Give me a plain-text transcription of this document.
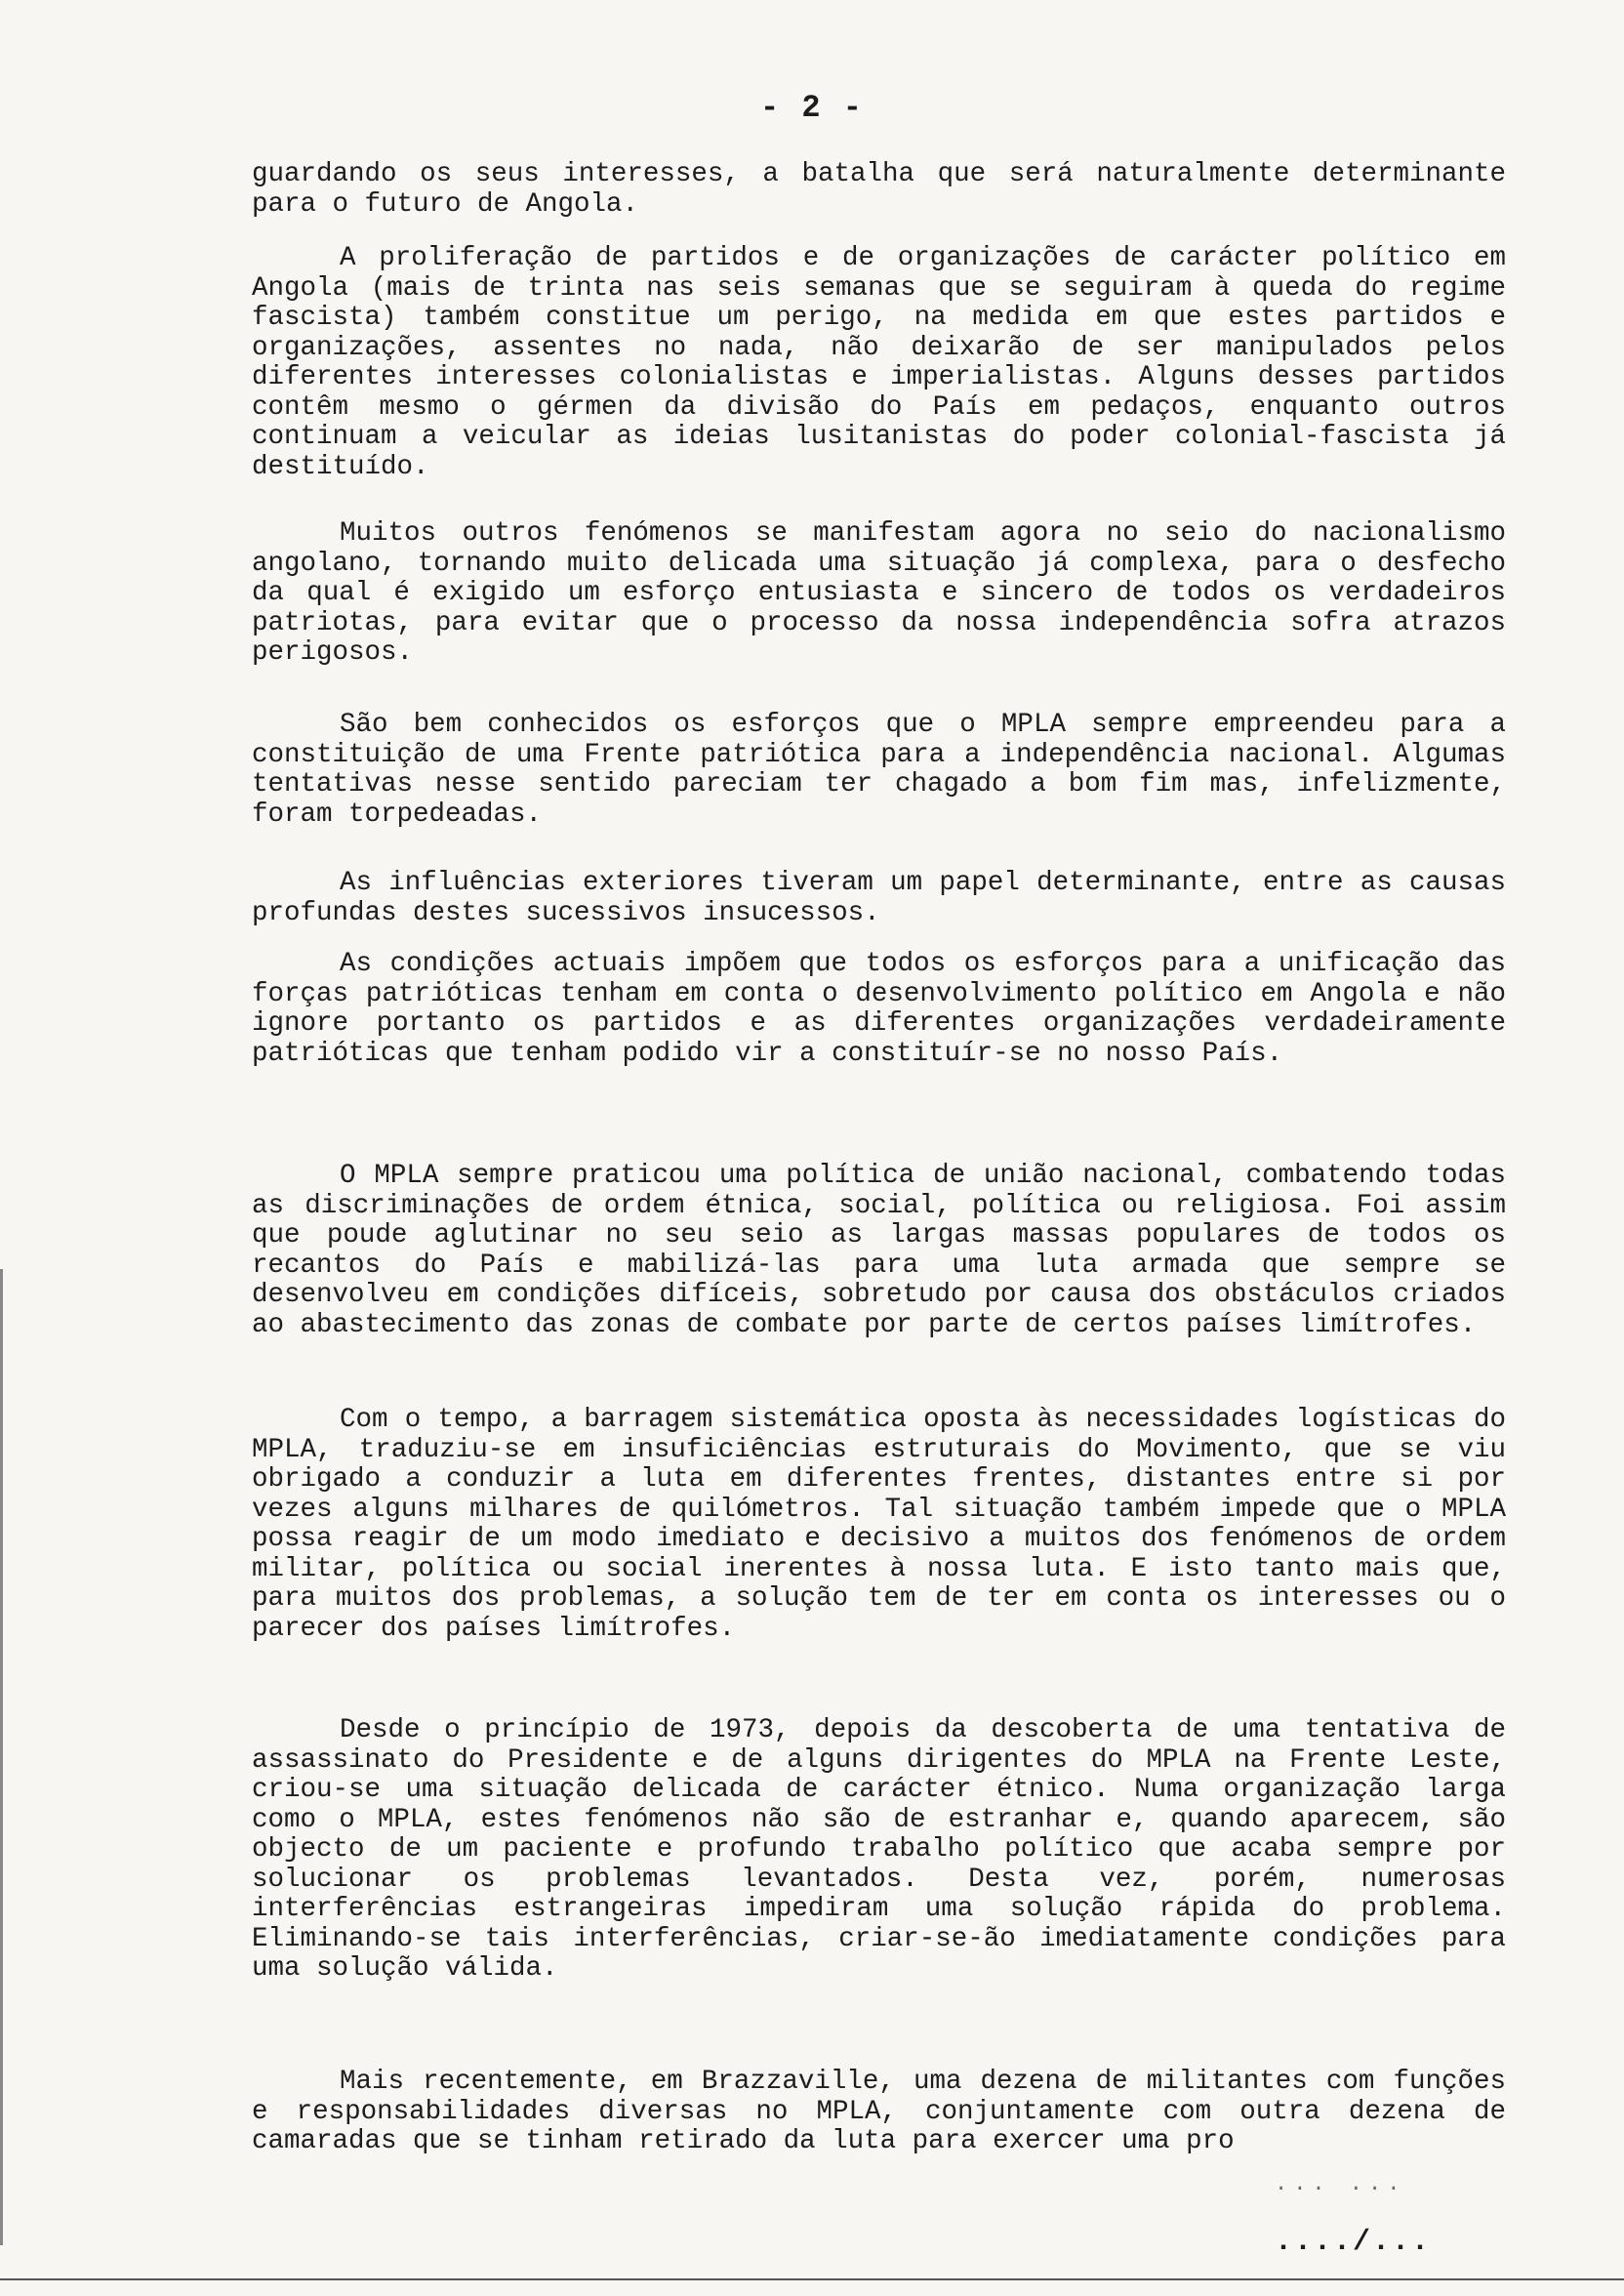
- 2 -

guardando os seus interesses, a batalha que será naturalmente determinante para o futuro de Angola.

A proliferação de partidos e de organizações de carácter político em Angola (mais de trinta nas seis semanas que se seguiram à queda do regime fascista) também constitue um perigo, na medida em que estes partidos e organizações, assentes no nada, não deixarão de ser manipulados pelos diferentes interesses colonialistas e imperialistas. Alguns desses partidos contêm mesmo o gérmen da divisão do País em pedaços, enquanto outros continuam a veicular as ideias lusitanistas do poder colonial-fascista já destituído.

Muitos outros fenómenos se manifestam agora no seio do nacionalismo angolano, tornando muito delicada uma situação já complexa, para o desfecho da qual é exigido um esforço entusiasta e sincero de todos os verdadeiros patriotas, para evitar que o processo da nossa independência sofra atrazos perigosos.

São bem conhecidos os esforços que o MPLA sempre empreendeu para a constituição de uma Frente patriótica para a independência nacional. Algumas tentativas nesse sentido pareciam ter chagado a bom fim mas, infelizmente, foram torpedeadas.

As influências exteriores tiveram um papel determinante, entre as causas profundas destes sucessivos insucessos.

As condições actuais impõem que todos os esforços para a unificação das forças patrióticas tenham em conta o desenvolvimento político em Angola e não ignore portanto os partidos e as diferentes organizações verdadeiramente patrióticas que tenham podido vir a constituír-se no nosso País.

O MPLA sempre praticou uma política de união nacional, combatendo todas as discriminações de ordem étnica, social, política ou religiosa. Foi assim que poude aglutinar no seu seio as largas massas populares de todos os recantos do País e mabilizá-las para uma luta armada que sempre se desenvolveu em condições difíceis, sobretudo por causa dos obstáculos criados ao abastecimento das zonas de combate por parte de certos países limítrofes.

Com o tempo, a barragem sistemática oposta às necessidades logísticas do MPLA, traduziu-se em insuficiências estruturais do Movimento, que se viu obrigado a conduzir a luta em diferentes frentes, distantes entre si por vezes alguns milhares de quilómetros. Tal situação também impede que o MPLA possa reagir de um modo imediato e decisivo a muitos dos fenómenos de ordem militar, política ou social inerentes à nossa luta. E isto tanto mais que, para muitos dos problemas, a solução tem de ter em conta os interesses ou o parecer dos países limítrofes.

Desde o princípio de 1973, depois da descoberta de uma tentativa de assassinato do Presidente e de alguns dirigentes do MPLA na Frente Leste, criou-se uma situação delicada de carácter étnico. Numa organização larga como o MPLA, estes fenómenos não são de estranhar e, quando aparecem, são objecto de um paciente e profundo trabalho político que acaba sempre por solucionar os problemas levantados. Desta vez, porém, numerosas interferências estrangeiras impediram uma solução rápida do problema. Eliminando-se tais interferências, criar-se-ão imediatamente condições para uma solução válida.

Mais recentemente, em Brazzaville, uma dezena de militantes com funções e responsabilidades diversas no MPLA, conjuntamente com outra dezena de camaradas que se tinham retirado da luta para exercer uma pro

... ...
..../...
